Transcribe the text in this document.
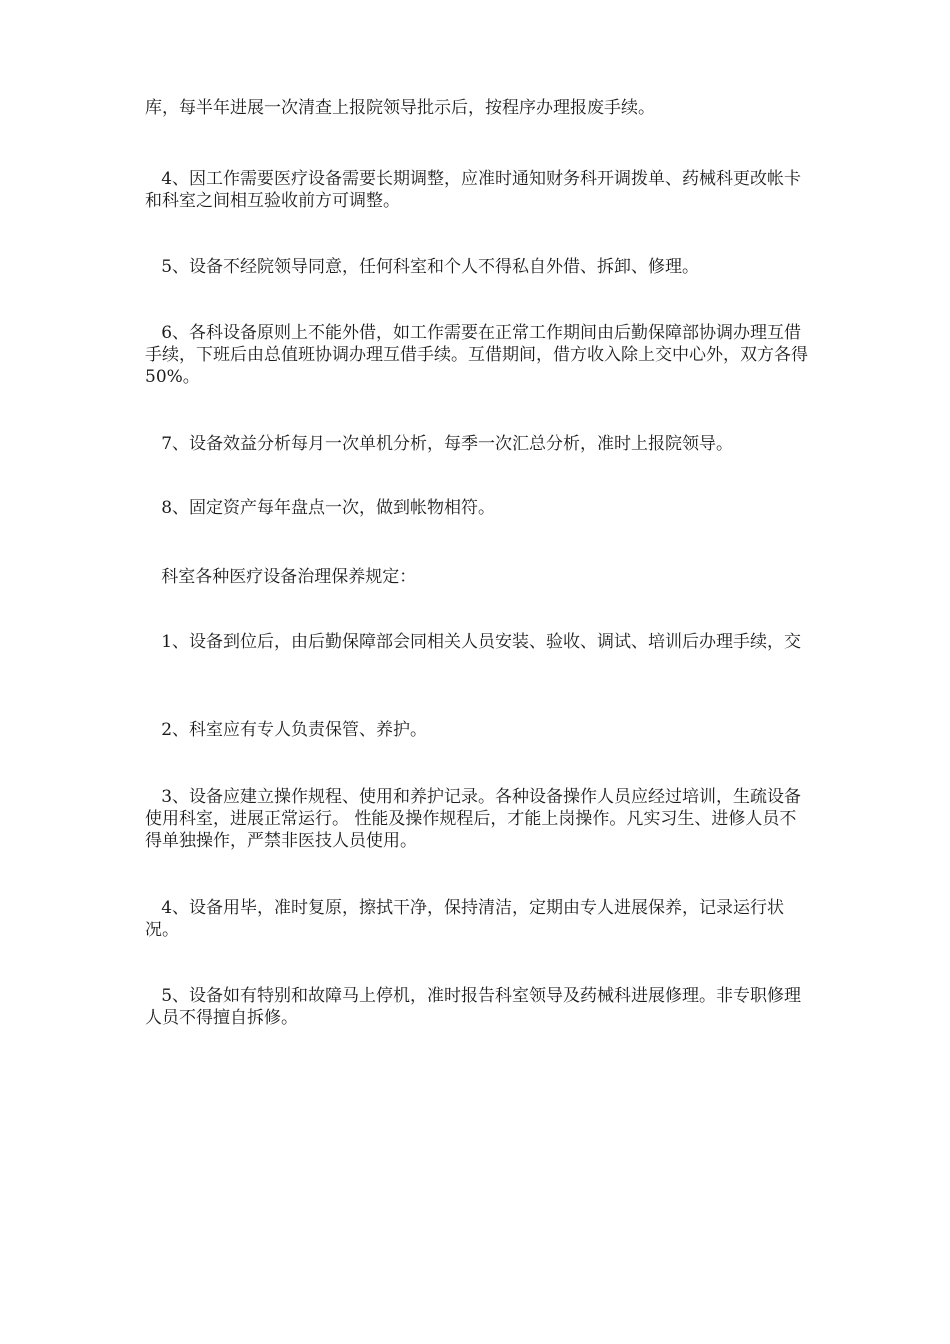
库，每半年进展一次清查上报院领导批示后，按程序办理报废手续。

4、因工作需要医疗设备需要长期调整，应准时通知财务科开调拨单、药械科更改帐卡和科室之间相互验收前方可调整。

5、设备不经院领导同意，任何科室和个人不得私自外借、拆卸、修理。

6、各科设备原则上不能外借，如工作需要在正常工作期间由后勤保障部协调办理互借手续，下班后由总值班协调办理互借手续。互借期间，借方收入除上交中心外，双方各得 50%。

7、设备效益分析每月一次单机分析，每季一次汇总分析，准时上报院领导。

8、固定资产每年盘点一次，做到帐物相符。

科室各种医疗设备治理保养规定：

1、设备到位后，由后勤保障部会同相关人员安装、验收、调试、培训后办理手续，交

2、科室应有专人负责保管、养护。

3、设备应建立操作规程、使用和养护记录。各种设备操作人员应经过培训，生疏设备使用科室，进展正常运行。 性能及操作规程后，才能上岗操作。凡实习生、进修人员不得单独操作，严禁非医技人员使用。

4、设备用毕，准时复原，擦拭干净，保持清洁，定期由专人进展保养，记录运行状况。

5、设备如有特别和故障马上停机，准时报告科室领导及药械科进展修理。非专职修理人员不得擅自拆修。
